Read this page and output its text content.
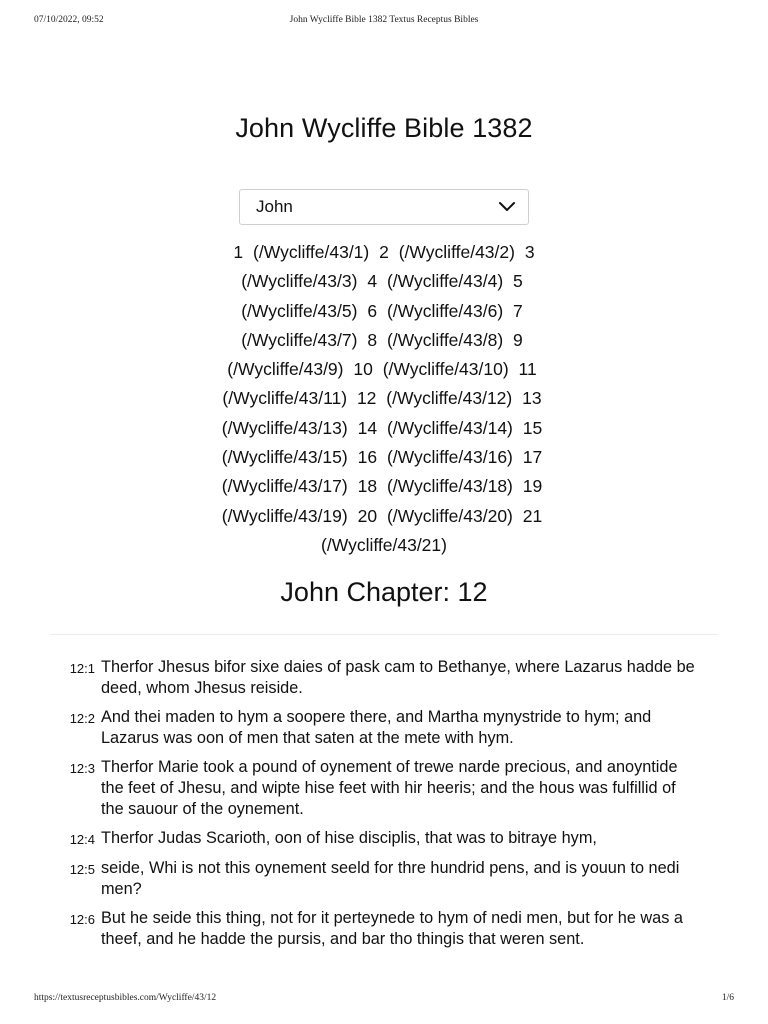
07/10/2022, 09:52	John Wycliffe Bible 1382 Textus Receptus Bibles
John Wycliffe Bible 1382
John
1 (/Wycliffe/43/1) 2 (/Wycliffe/43/2) 3 (/Wycliffe/43/3) 4 (/Wycliffe/43/4) 5 (/Wycliffe/43/5) 6 (/Wycliffe/43/6) 7 (/Wycliffe/43/7) 8 (/Wycliffe/43/8) 9 (/Wycliffe/43/9) 10 (/Wycliffe/43/10) 11 (/Wycliffe/43/11) 12 (/Wycliffe/43/12) 13 (/Wycliffe/43/13) 14 (/Wycliffe/43/14) 15 (/Wycliffe/43/15) 16 (/Wycliffe/43/16) 17 (/Wycliffe/43/17) 18 (/Wycliffe/43/18) 19 (/Wycliffe/43/19) 20 (/Wycliffe/43/20) 21 (/Wycliffe/43/21)
John Chapter: 12
12:1 Therfor Jhesus bifor sixe daies of pask cam to Bethanye, where Lazarus hadde be deed, whom Jhesus reiside.
12:2 And thei maden to hym a soopere there, and Martha mynystride to hym; and Lazarus was oon of men that saten at the mete with hym.
12:3 Therfor Marie took a pound of oynement of trewe narde precious, and anoyntide the feet of Jhesu, and wipte hise feet with hir heeris; and the hous was fulfillid of the sauour of the oynement.
12:4 Therfor Judas Scarioth, oon of hise disciplis, that was to bitraye hym,
12:5 seide, Whi is not this oynement seeld for thre hundrid pens, and is youun to nedi men?
12:6 But he seide this thing, not for it perteynede to hym of nedi men, but for he was a theef, and he hadde the pursis, and bar tho thingis that weren sent.
https://textusreceptusbibles.com/Wycliffe/43/12	1/6
